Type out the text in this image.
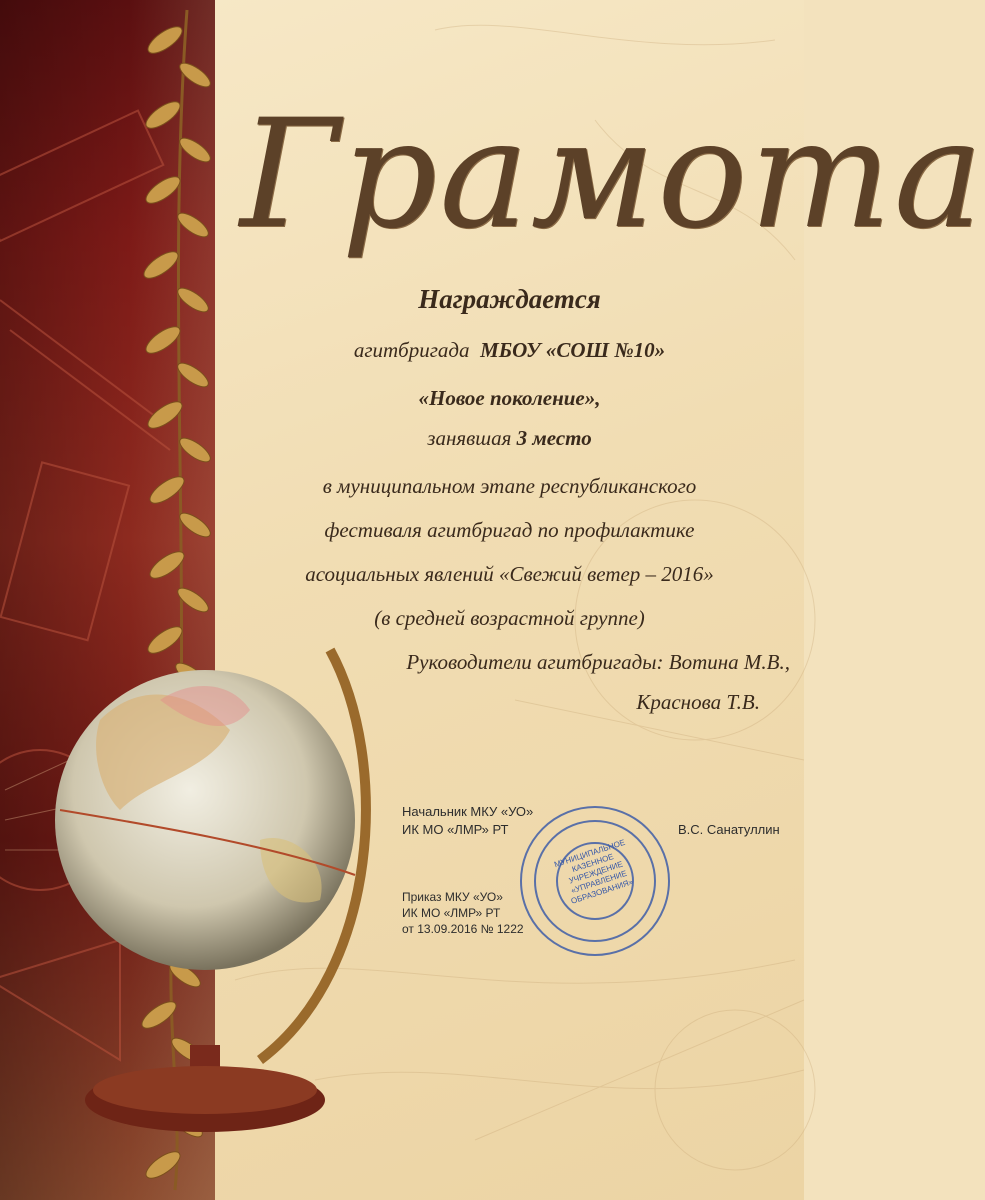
Грамота
Награждается
агитбригада МБОУ «СОШ №10»
«Новое поколение»,
занявшая 3 место
в муниципальном этапе республиканского
фестиваля агитбригад по профилактике
асоциальных явлений «Свежий ветер – 2016»
(в средней возрастной группе)
Руководители агитбригады: Вотина М.В.,
Краснова Т.В.
МУНИЦИПАЛЬНОЕ КАЗЕННОЕ УЧРЕЖДЕНИЕ «УПРАВЛЕНИЕ ОБРАЗОВАНИЯ»
Начальник МКУ «УО»
ИК МО «ЛМР» РТ	В.С. Санатуллин
Приказ МКУ «УО»
ИК МО «ЛМР» РТ
от 13.09.2016 № 1222
